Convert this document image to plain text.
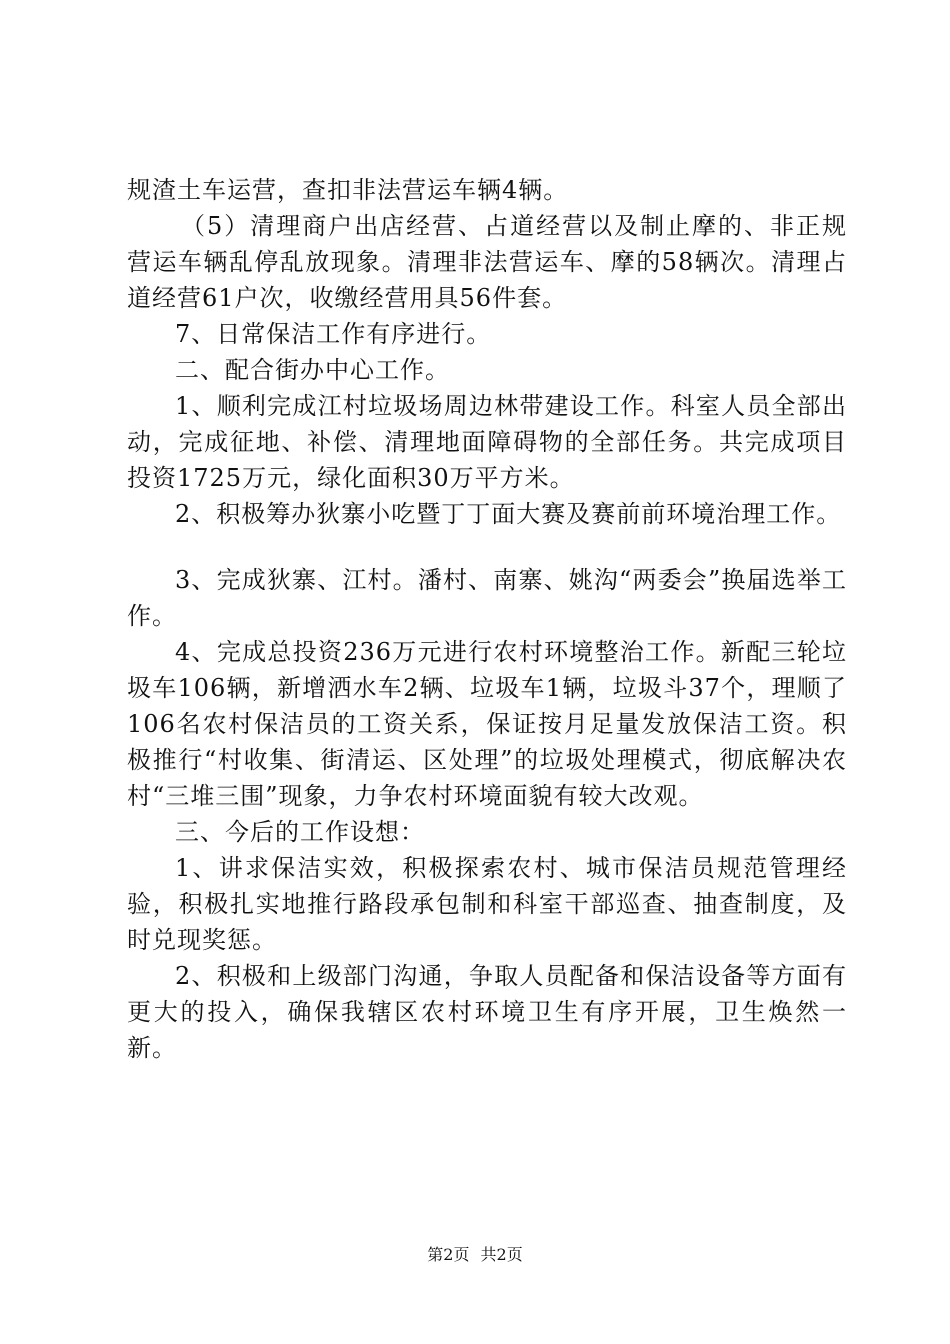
规渣土车运营，查扣非法营运车辆4辆。

（5）清理商户出店经营、占道经营以及制止摩的、非正规营运车辆乱停乱放现象。清理非法营运车、摩的58辆次。清理占道经营61户次，收缴经营用具56件套。

7、日常保洁工作有序进行。

二、配合街办中心工作。

1、顺利完成江村垃圾场周边林带建设工作。科室人员全部出动，完成征地、补偿、清理地面障碍物的全部任务。共完成项目投资1725万元，绿化面积30万平方米。

2、积极筹办狄寨小吃暨丁丁面大赛及赛前前环境治理工作。

3、完成狄寨、江村。潘村、南寨、姚沟“两委会”换届选举工作。

4、完成总投资236万元进行农村环境整治工作。新配三轮垃圾车106辆，新增洒水车2辆、垃圾车1辆，垃圾斗37个，理顺了106名农村保洁员的工资关系，保证按月足量发放保洁工资。积极推行“村收集、街清运、区处理”的垃圾处理模式，彻底解决农村“三堆三围”现象，力争农村环境面貌有较大改观。

三、今后的工作设想：

1、讲求保洁实效，积极探索农村、城市保洁员规范管理经验，积极扎实地推行路段承包制和科室干部巡查、抽查制度，及时兑现奖惩。

2、积极和上级部门沟通，争取人员配备和保洁设备等方面有更大的投入，确保我辖区农村环境卫生有序开展，卫生焕然一新。

第2页 共2页
